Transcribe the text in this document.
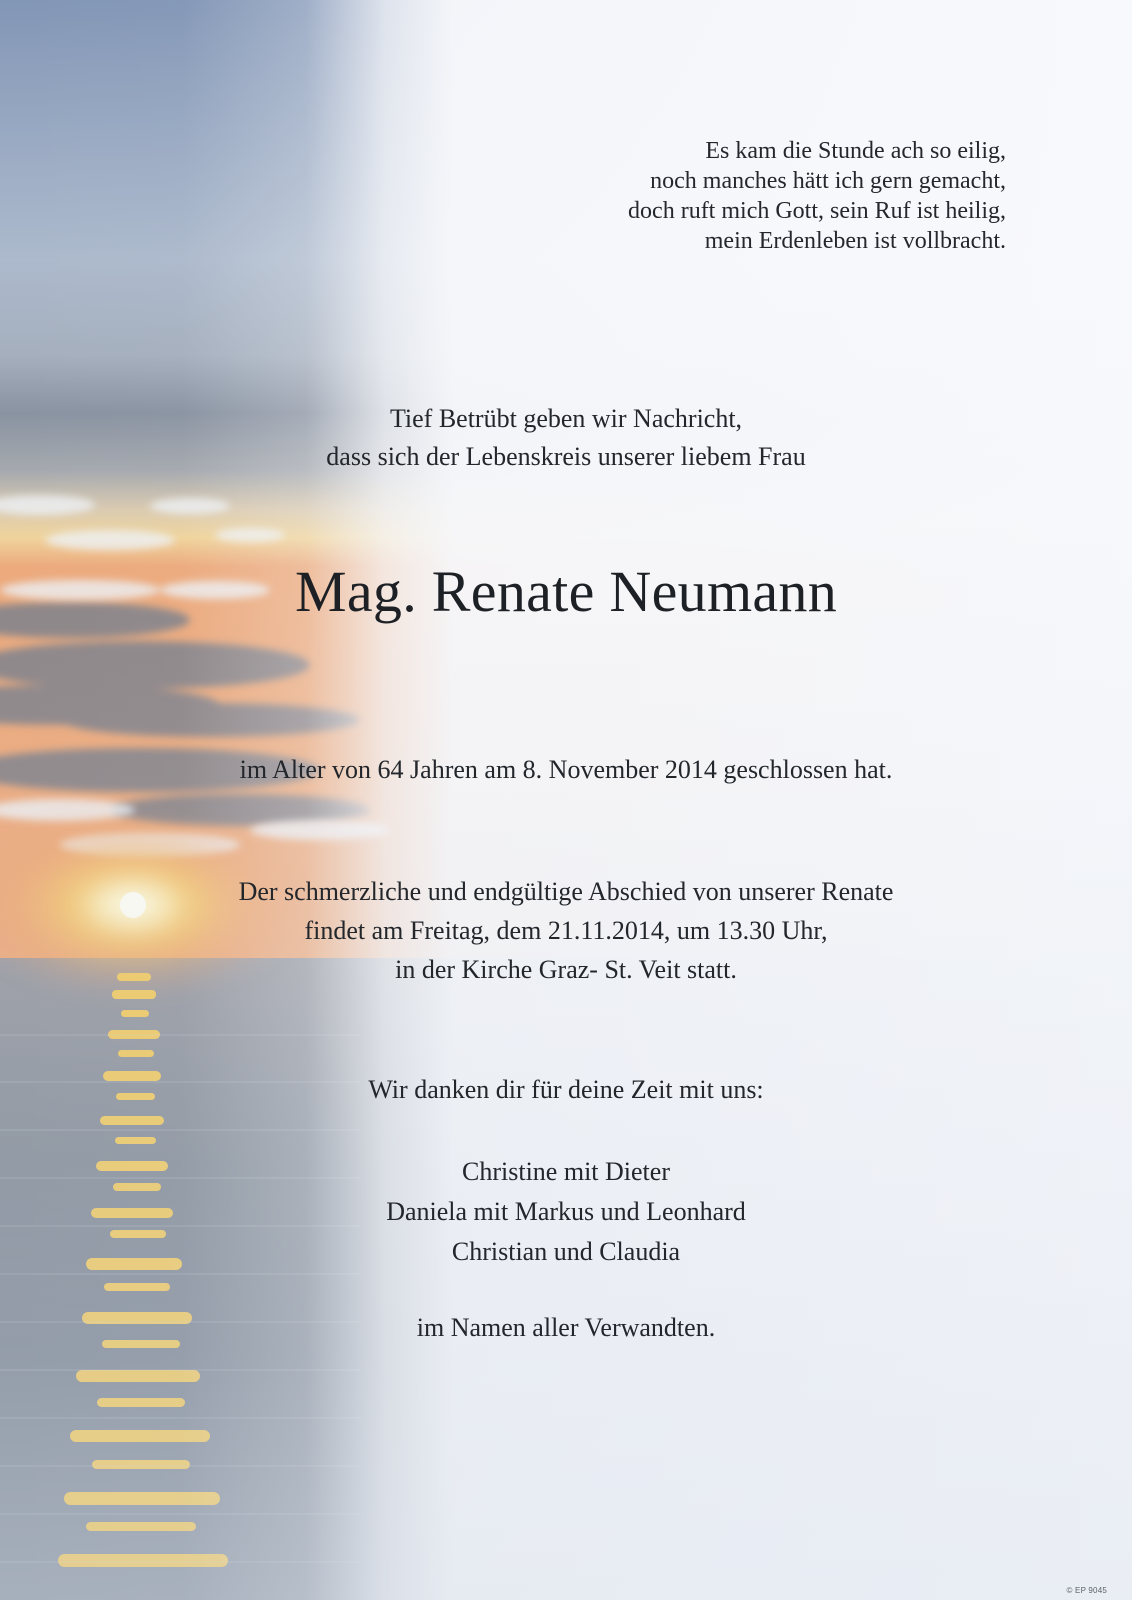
Es kam die Stunde ach so eilig,
noch manches hätt ich gern gemacht,
doch ruft mich Gott, sein Ruf ist heilig,
mein Erdenleben ist vollbracht.
Tief Betrübt geben wir Nachricht,
dass sich der Lebenskreis unserer liebem Frau
Mag. Renate Neumann
im Alter von 64 Jahren am 8. November 2014 geschlossen hat.
Der schmerzliche und endgültige Abschied von unserer Renate
findet am Freitag, dem 21.11.2014, um 13.30 Uhr,
in der Kirche Graz- St. Veit statt.
Wir danken dir für deine Zeit mit uns:
Christine mit Dieter
Daniela mit Markus und Leonhard
Christian und Claudia
im Namen aller Verwandten.
© EP 9045
